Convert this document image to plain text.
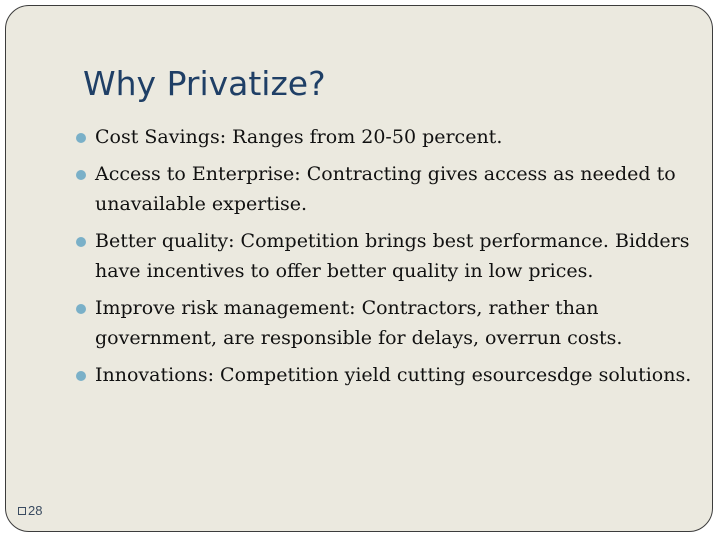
Why Privatize?
Cost Savings: Ranges from 20-50 percent.
Access to Enterprise: Contracting gives access as needed to unavailable expertise.
Better quality: Competition brings best performance. Bidders have incentives to offer better quality in low prices.
Improve risk management: Contractors, rather than government, are responsible for delays, overrun costs.
Innovations: Competition yield cutting esourcesdge solutions.
28
